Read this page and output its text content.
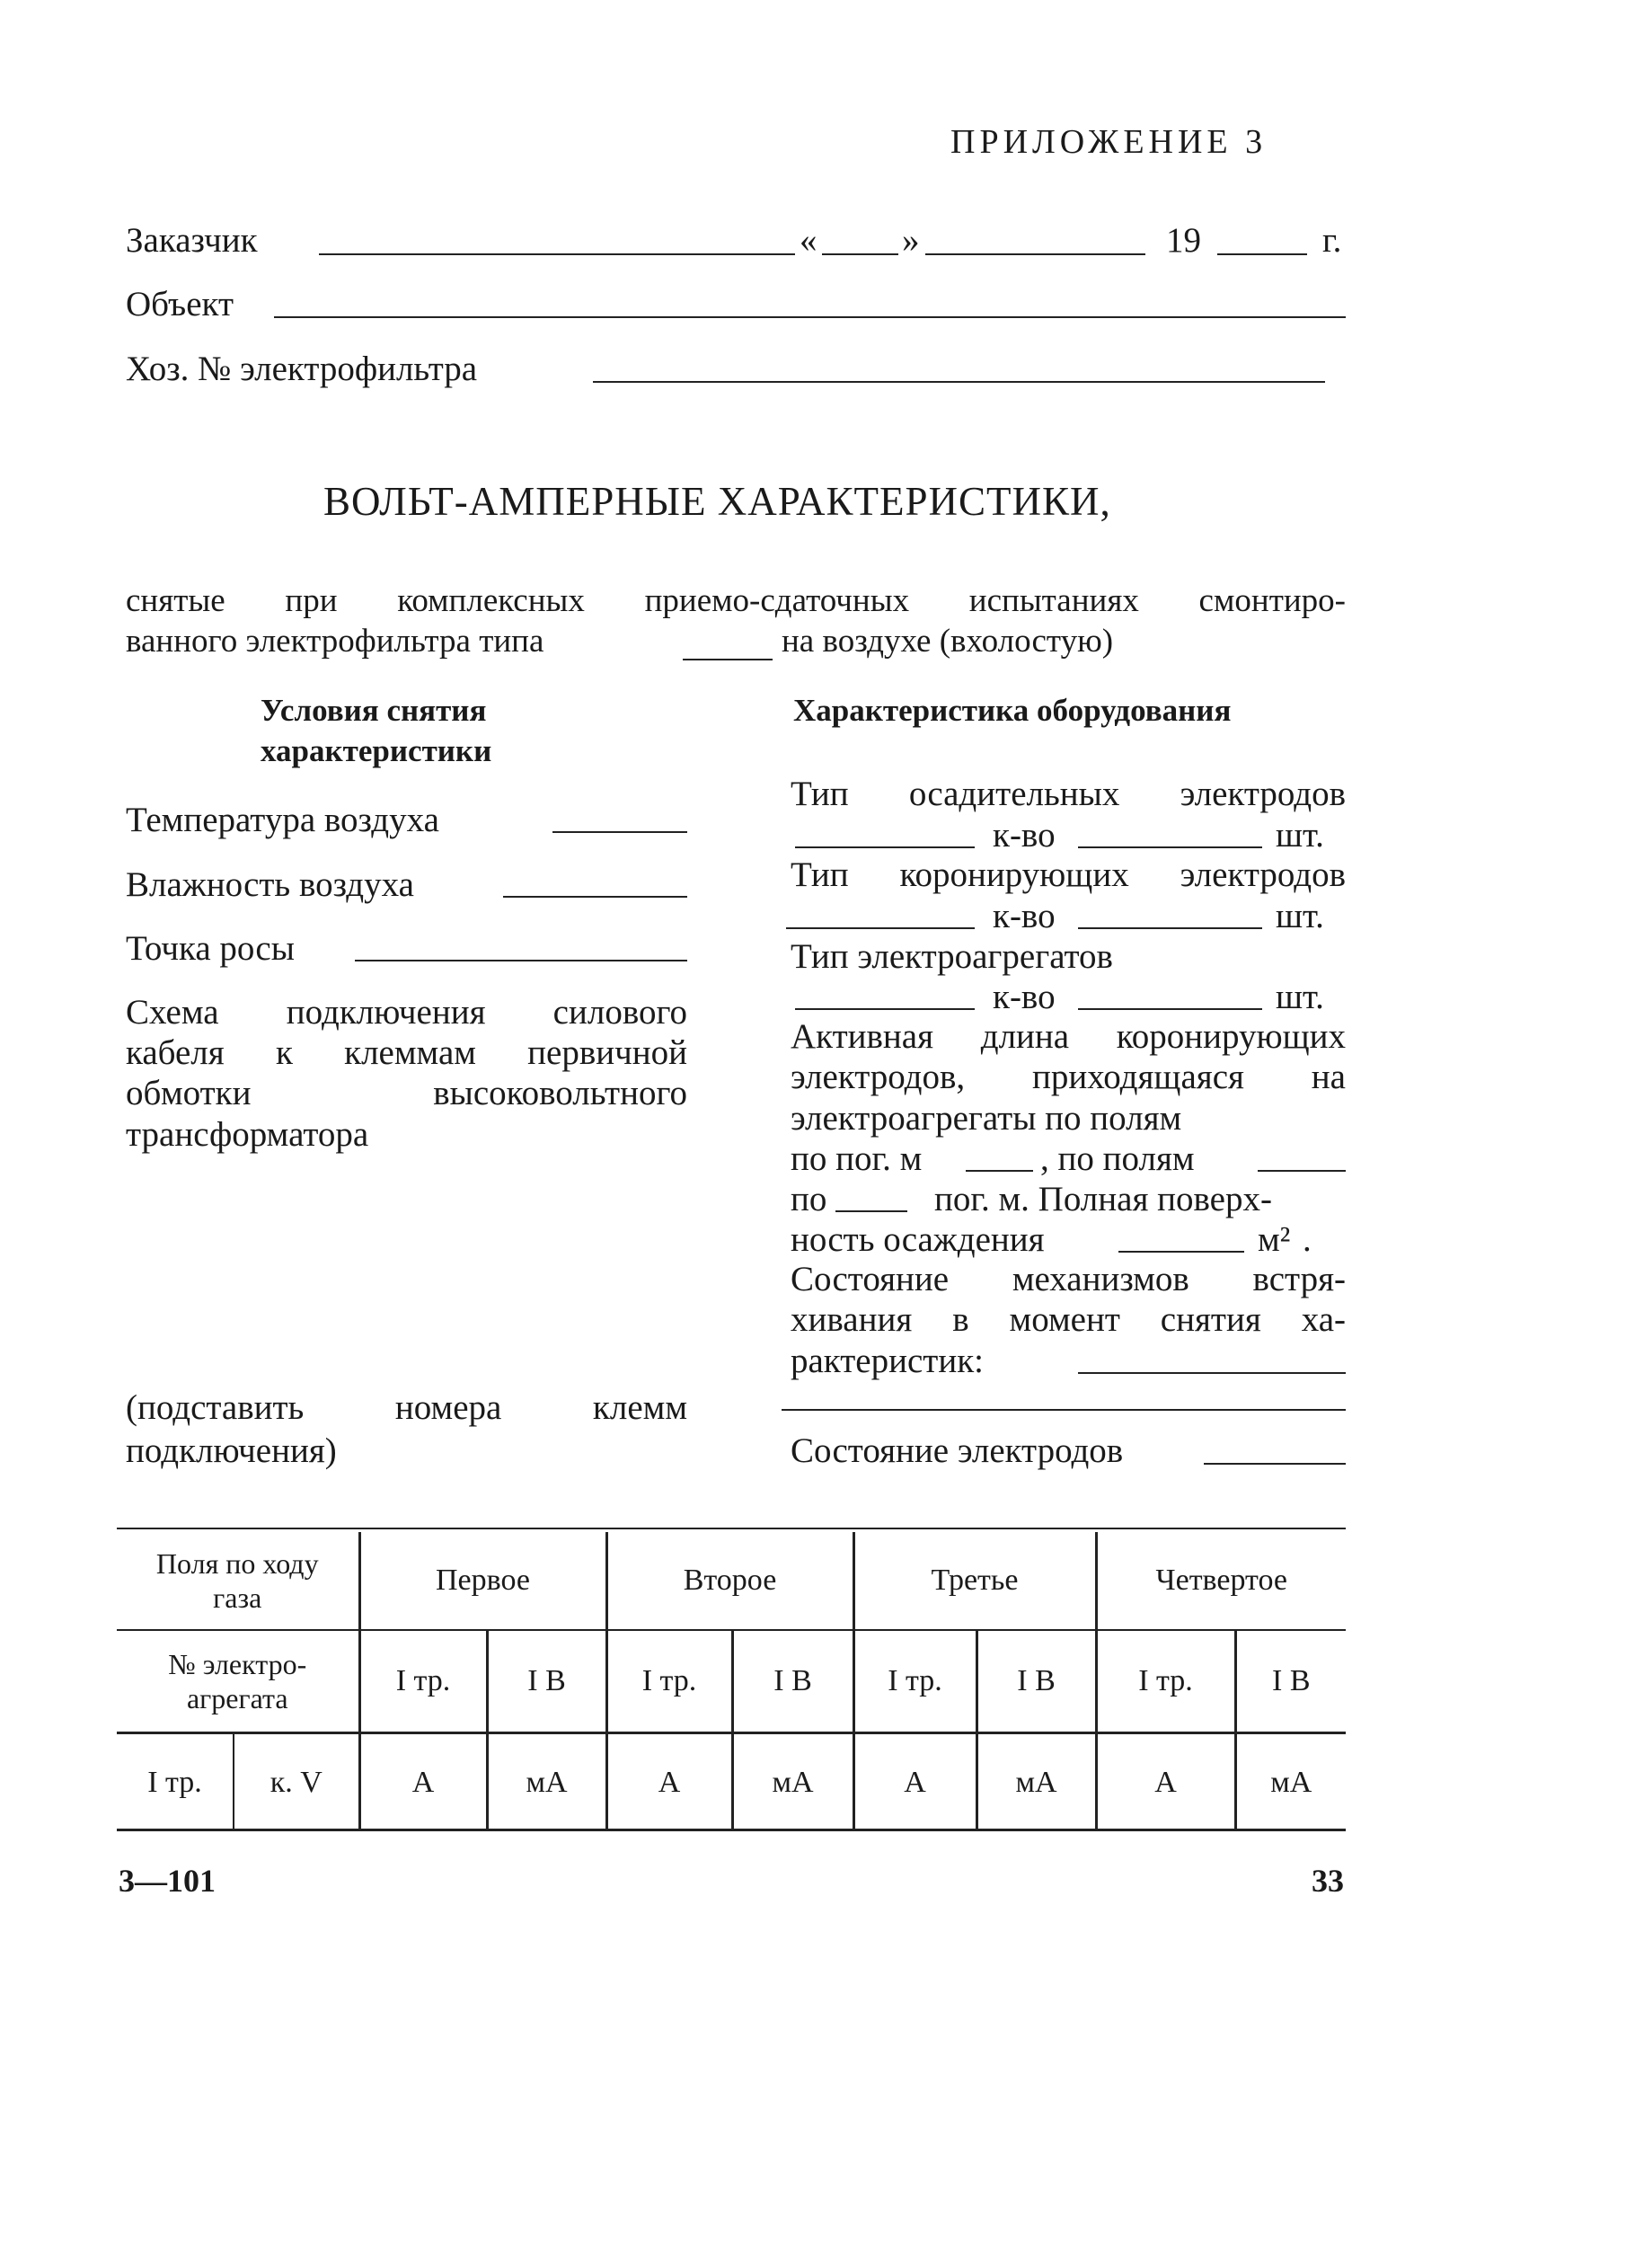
ПРИЛОЖЕНИЕ 3
Заказчик	« »	19	г.
Объект
Хоз. № электрофильтра
ВОЛЬТ-АМПЕРНЫЕ ХАРАКТЕРИСТИКИ,
снятые при комплексных приемо-сдаточных испытаниях смонтиро-
ванного электрофильтра типа	на воздухе (вхолостую)
Условия снятия
характеристики
Температура воздуха
Влажность воздуха
Точка росы
Схема подключения силового
кабеля к клеммам первичной
обмотки высоковольтного
трансформатора
(подставить номера клемм
подключения)
Характеристика оборудования
Тип осадительных электродов
к-во	шт.
Тип коронирующих электродов
к-во	шт.
Тип электроагрегатов
к-во	шт.
Активная длина коронирующих
электродов, приходящаяся на
электроагрегаты по полям
по пог. м	, по полям
по	пог. м. Полная поверх-
ность осаждения	м² .
Состояние механизмов встря-
хивания в момент снятия ха-
рактеристик:
Состояние электродов
Поля по ходу газа		Первое		Второе		Третье		Четвертое	
№ электро-агрегата		I тр.	I В	I тр.	I В	I тр.	I В	I тр.	I В
I тр.	к. V	А	мА	А	мА	А	мА	А	мА
3—101	33
